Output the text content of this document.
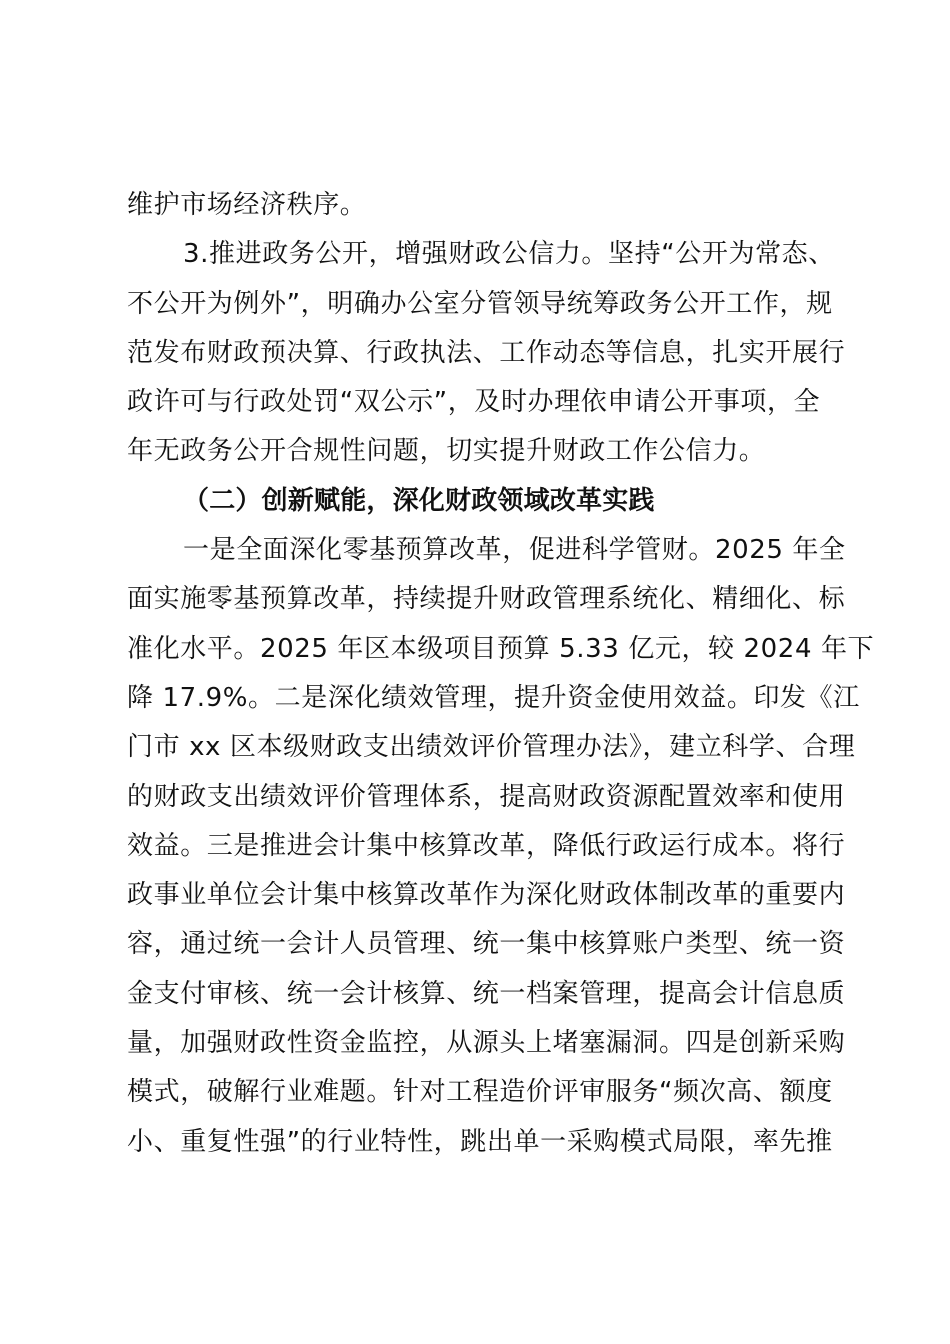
维护市场经济秩序。
3.推进政务公开，增强财政公信力。坚持“公开为常态、
不公开为例外”，明确办公室分管领导统筹政务公开工作，规
范发布财政预决算、行政执法、工作动态等信息，扎实开展行
政许可与行政处罚“双公示”，及时办理依申请公开事项，全
年无政务公开合规性问题，切实提升财政工作公信力。
（二）创新赋能，深化财政领域改革实践
一是全面深化零基预算改革，促进科学管财。2025 年全
面实施零基预算改革，持续提升财政管理系统化、精细化、标
准化水平。2025 年区本级项目预算 5.33 亿元，较 2024 年下
降 17.9%。二是深化绩效管理，提升资金使用效益。印发《江
门市 xx 区本级财政支出绩效评价管理办法》，建立科学、合理
的财政支出绩效评价管理体系，提高财政资源配置效率和使用
效益。三是推进会计集中核算改革，降低行政运行成本。将行
政事业单位会计集中核算改革作为深化财政体制改革的重要内
容，通过统一会计人员管理、统一集中核算账户类型、统一资
金支付审核、统一会计核算、统一档案管理，提高会计信息质
量，加强财政性资金监控，从源头上堵塞漏洞。四是创新采购
模式，破解行业难题。针对工程造价评审服务“频次高、额度
小、重复性强”的行业特性，跳出单一采购模式局限，率先推
